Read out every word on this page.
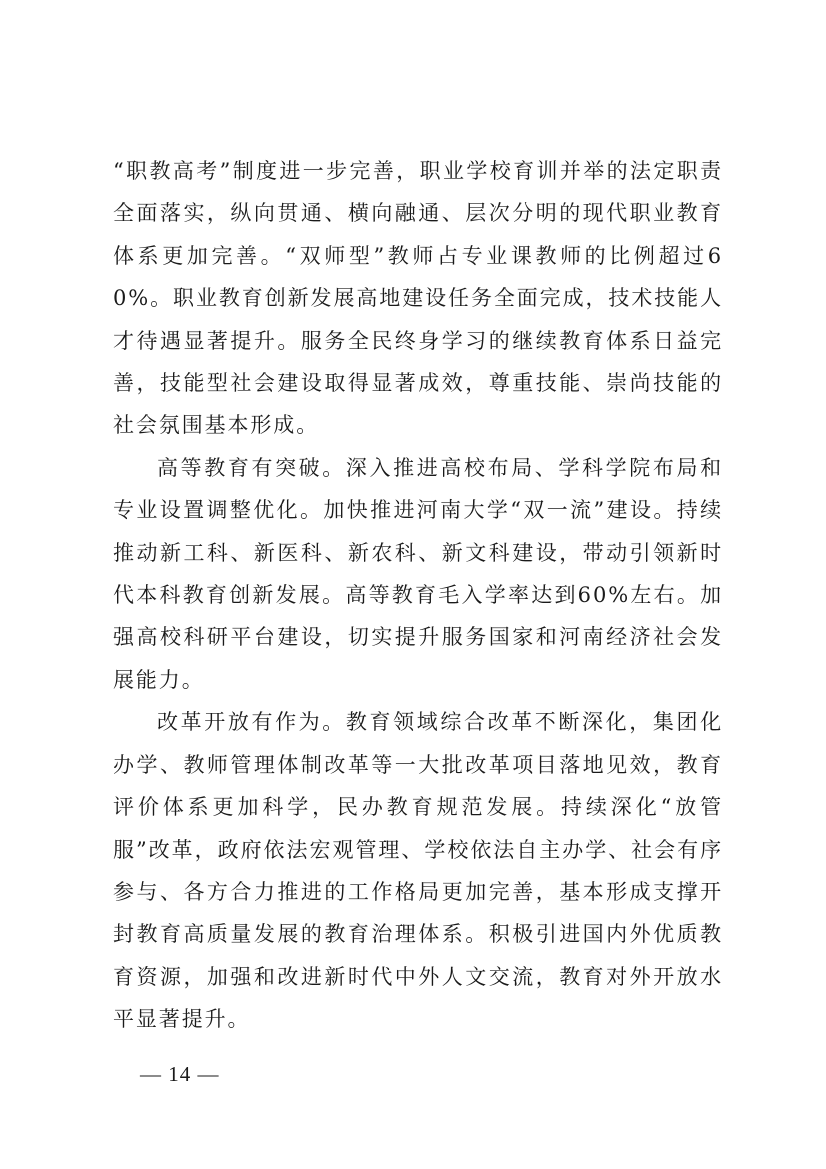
“职教高考”制度进一步完善，职业学校育训并举的法定职责全面落实，纵向贯通、横向融通、层次分明的现代职业教育体系更加完善。“双师型”教师占专业课教师的比例超过60%。职业教育创新发展高地建设任务全面完成，技术技能人才待遇显著提升。服务全民终身学习的继续教育体系日益完善，技能型社会建设取得显著成效，尊重技能、崇尚技能的社会氛围基本形成。

高等教育有突破。深入推进高校布局、学科学院布局和专业设置调整优化。加快推进河南大学“双一流”建设。持续推动新工科、新医科、新农科、新文科建设，带动引领新时代本科教育创新发展。高等教育毛入学率达到60%左右。加强高校科研平台建设，切实提升服务国家和河南经济社会发展能力。

改革开放有作为。教育领域综合改革不断深化，集团化办学、教师管理体制改革等一大批改革项目落地见效，教育评价体系更加科学，民办教育规范发展。持续深化“放管服”改革，政府依法宏观管理、学校依法自主办学、社会有序参与、各方合力推进的工作格局更加完善，基本形成支撑开封教育高质量发展的教育治理体系。积极引进国内外优质教育资源，加强和改进新时代中外人文交流，教育对外开放水平显著提升。

— 14 —
